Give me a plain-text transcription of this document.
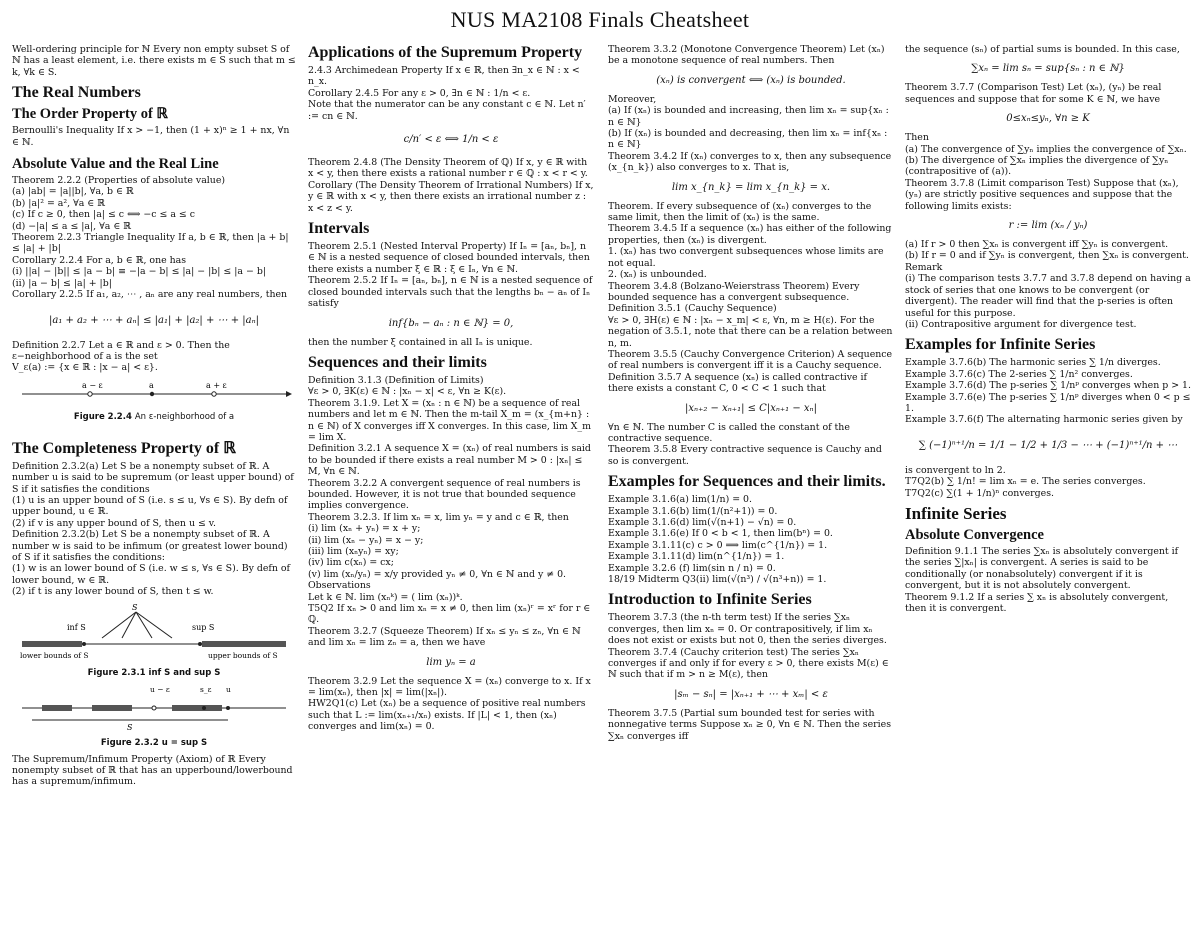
NUS MA2108 Finals Cheatsheet

Well-ordering principle for ℕ Every non empty subset S of ℕ has a least element, i.e. there exists m ∈ S such that m ≤ k, ∀k ∈ S.

The Real Numbers
The Order Property of ℝ

Bernoulli's Inequality If x > −1, then (1 + x)ⁿ ≥ 1 + nx, ∀n ∈ ℕ.

Absolute Value and the Real Line

Theorem 2.2.2 (Properties of absolute value)
(a) |ab| = |a||b|, ∀a, b ∈ ℝ
(b) |a|² = a², ∀a ∈ ℝ
(c) If c ≥ 0, then |a| ≤ c ⟺ −c ≤ a ≤ c
(d) −|a| ≤ a ≤ |a|, ∀a ∈ ℝ

Theorem 2.2.3 Triangle Inequality If a, b ∈ ℝ, then |a + b| ≤ |a| + |b|

Corollary 2.2.4 For a, b ∈ ℝ, one has
(i) ||a| − |b|| ≤ |a − b| ≡ −|a − b| ≤ |a| − |b| ≤ |a − b|
(ii) |a − b| ≤ |a| + |b|

Corollary 2.2.5 If a₁, a₂, ⋯ , aₙ are any real numbers, then

|a₁ + a₂ + ⋯ + aₙ| ≤ |a₁| + |a₂| + ⋯ + |aₙ|

Definition 2.2.7 Let a ∈ ℝ and ε > 0. Then the ε−neighborhood of a is the set
V_ε(a) := {x ∈ ℝ : |x − a| < ε}.

a − ε	a	a + ε
Figure 2.2.4 An ε-neighborhood of a
The Completeness Property of ℝ

Definition 2.3.2(a) Let S be a nonempty subset of ℝ. A number u is said to be supremum (or least upper bound) of S if it satisfies the conditions
(1) u is an upper bound of S (i.e. s ≤ u, ∀s ∈ S). By defn of upper bound, u ∈ ℝ.
(2) if v is any upper bound of S, then u ≤ v.

Definition 2.3.2(b) Let S be a nonempty subset of ℝ. A number w is said to be infimum (or greatest lower bound) of S if it satisfies the conditions:
(1) w is an lower bound of S (i.e. w ≤ s, ∀s ∈ S). By defn of lower bound, w ∈ ℝ.
(2) if t is any lower bound of S, then t ≤ w.

S
inf S	sup S
lower bounds of S	upper bounds of S
Figure 2.3.1 inf S and sup S
u − ε	s_ε u
S
Figure 2.3.2 u = sup S

The Supremum/Infimum Property (Axiom) of ℝ Every nonempty subset of ℝ that has an upperbound/lowerbound has a supremum/infimum.

Applications of the Supremum Property

2.4.3 Archimedean Property If x ∈ ℝ, then ∃n_x ∈ ℕ : x < n_x.

Corollary 2.4.5 For any ε > 0, ∃n ∈ ℕ : 1/n < ε.
Note that the numerator can be any constant c ∈ ℕ. Let n′ := cn ∈ ℕ.

c/n′ < ε ⟺ 1/n < ε

Theorem 2.4.8 (The Density Theorem of ℚ) If x, y ∈ ℝ with x < y, then there exists a rational number r ∈ ℚ : x < r < y.
Corollary (The Density Theorem of Irrational Numbers) If x, y ∈ ℝ with x < y, then there exists an irrational number z : x < z < y.

Intervals

Theorem 2.5.1 (Nested Interval Property) If Iₙ = [aₙ, bₙ], n ∈ ℕ is a nested sequence of closed bounded intervals, then there exists a number ξ ∈ ℝ : ξ ∈ Iₙ, ∀n ∈ ℕ.

Theorem 2.5.2 If Iₙ = [aₙ, bₙ], n ∈ ℕ is a nested sequence of closed bounded intervals such that the lengths bₙ − aₙ of Iₙ satisfy

inf{bₙ − aₙ : n ∈ ℕ} = 0,

then the number ξ contained in all Iₙ is unique.

Sequences and their limits

Definition 3.1.3 (Definition of Limits)
∀ε > 0, ∃K(ε) ∈ ℕ : |xₙ − x| < ε, ∀n ≥ K(ε).
Theorem 3.1.9. Let X = (xₙ : n ∈ ℕ) be a sequence of real numbers and let m ∈ ℕ. Then the m-tail X_m = (x_{m+n} : n ∈ ℕ) of X converges iff X converges. In this case, lim X_m = lim X.
Definition 3.2.1 A sequence X = (xₙ) of real numbers is said to be bounded if there exists a real number M > 0 : |xₙ| ≤ M, ∀n ∈ ℕ.
Theorem 3.2.2 A convergent sequence of real numbers is bounded. However, it is not true that bounded sequence implies convergence.
Theorem 3.2.3. If lim xₙ = x, lim yₙ = y and c ∈ ℝ, then
(i) lim (xₙ + yₙ) = x + y;
(ii) lim (xₙ − yₙ) = x − y;
(iii) lim (xₙyₙ) = xy;
(iv) lim c(xₙ) = cx;
(v) lim (xₙ/yₙ) = x/y provided yₙ ≠ 0, ∀n ∈ ℕ and y ≠ 0.
Observations
Let k ∈ ℕ. lim (xₙᵏ) = ( lim (xₙ))ᵏ.
T5Q2 If xₙ > 0 and lim xₙ = x ≠ 0, then lim (xₙ)ʳ = xʳ for r ∈ ℚ.
Theorem 3.2.7 (Squeeze Theorem) If xₙ ≤ yₙ ≤ zₙ, ∀n ∈ ℕ and lim xₙ = lim zₙ = a, then we have

lim yₙ = a

Theorem 3.2.9 Let the sequence X = (xₙ) converge to x. If x = lim(xₙ), then |x| = lim(|xₙ|).
HW2Q1(c) Let (xₙ) be a sequence of positive real numbers such that L := lim(xₙ₊₁/xₙ) exists. If |L| < 1, then (xₙ) converges and lim(xₙ) = 0.

Theorem 3.3.2 (Monotone Convergence Theorem) Let (xₙ) be a monotone sequence of real numbers. Then

(xₙ) is convergent ⟺ (xₙ) is bounded.

Moreover,
(a) If (xₙ) is bounded and increasing, then lim xₙ = sup{xₙ : n ∈ ℕ}
(b) If (xₙ) is bounded and decreasing, then lim xₙ = inf{xₙ : n ∈ ℕ}
Theorem 3.4.2 If (xₙ) converges to x, then any subsequence (x_{n_k}) also converges to x. That is,

lim x_{n_k} = lim x_{n_k} = x.

Theorem. If every subsequence of (xₙ) converges to the same limit, then the limit of (xₙ) is the same.
Theorem 3.4.5 If a sequence (xₙ) has either of the following properties, then (xₙ) is divergent.
1. (xₙ) has two convergent subsequences whose limits are not equal.
2. (xₙ) is unbounded.
Theorem 3.4.8 (Bolzano-Weierstrass Theorem) Every bounded sequence has a convergent subsequence.
Definition 3.5.1 (Cauchy Sequence)
∀ε > 0, ∃H(ε) ∈ ℕ : |xₙ − x_m| < ε, ∀n, m ≥ H(ε). For the negation of 3.5.1, note that there can be a relation between n, m.
Theorem 3.5.5 (Cauchy Convergence Criterion) A sequence of real numbers is convergent iff it is a Cauchy sequence.
Definition 3.5.7 A sequence (xₙ) is called contractive if there exists a constant C, 0 < C < 1 such that

|xₙ₊₂ − xₙ₊₁| ≤ C|xₙ₊₁ − xₙ|

∀n ∈ ℕ. The number C is called the constant of the contractive sequence.
Theorem 3.5.8 Every contractive sequence is Cauchy and so is convergent.

Examples for Sequences and their limits.

Example 3.1.6(a) lim(1/n) = 0.
Example 3.1.6(b) lim(1/(n²+1)) = 0.
Example 3.1.6(d) lim(√(n+1) − √n) = 0.
Example 3.1.6(e) If 0 < b < 1, then lim(bⁿ) = 0.
Example 3.1.11(c) c > 0 ⟹ lim(c^{1/n}) = 1.
Example 3.1.11(d) lim(n^{1/n}) = 1.
Example 3.2.6 (f) lim(sin n / n) = 0.
18/19 Midterm Q3(ii) lim(√(n³) / √(n³+n)) = 1.

Introduction to Infinite Series

Theorem 3.7.3 (the n-th term test) If the series ∑xₙ converges, then lim xₙ = 0. Or contrapositively, if lim xₙ does not exist or exists but not 0, then the series diverges.
Theorem 3.7.4 (Cauchy criterion test) The series ∑xₙ converges if and only if for every ε > 0, there exists M(ε) ∈ ℕ such that if m > n ≥ M(ε), then

|sₘ − sₙ| = |xₙ₊₁ + ⋯ + xₘ| < ε

Theorem 3.7.5 (Partial sum bounded test for series with nonnegative terms Suppose xₙ ≥ 0, ∀n ∈ ℕ. Then the series ∑xₙ converges iff

the sequence (sₙ) of partial sums is bounded. In this case,

∑xₙ = lim sₙ = sup{sₙ : n ∈ ℕ}

Theorem 3.7.7 (Comparison Test) Let (xₙ), (yₙ) be real sequences and suppose that for some K ∈ ℕ, we have

0≤xₙ≤yₙ, ∀n ≥ K

Then
(a) The convergence of ∑yₙ implies the convergence of ∑xₙ.
(b) The divergence of ∑xₙ implies the divergence of ∑yₙ (contrapositive of (a)).
Theorem 3.7.8 (Limit comparison Test) Suppose that (xₙ), (yₙ) are strictly positive sequences and suppose that the following limits exists:

r := lim (xₙ / yₙ)

(a) If r > 0 then ∑xₙ is convergent iff ∑yₙ is convergent.
(b) If r = 0 and if ∑yₙ is convergent, then ∑xₙ is convergent.
Remark
(i) The comparison tests 3.7.7 and 3.7.8 depend on having a stock of series that one knows to be convergent (or divergent). The reader will find that the p-series is often useful for this purpose.
(ii) Contrapositive argument for divergence test.

Examples for Infinite Series

Example 3.7.6(b) The harmonic series ∑ 1/n diverges.
Example 3.7.6(c) The 2-series ∑ 1/n² converges.
Example 3.7.6(d) The p-series ∑ 1/nᵖ converges when p > 1.
Example 3.7.6(e) The p-series ∑ 1/nᵖ diverges when 0 < p ≤ 1.
Example 3.7.6(f) The alternating harmonic series given by

∑ (−1)ⁿ⁺¹/n = 1/1 − 1/2 + 1/3 − ⋯ + (−1)ⁿ⁺¹/n + ⋯

is convergent to ln 2.
T7Q2(b) ∑ 1/n! = lim xₙ = e. The series converges.
T7Q2(c) ∑(1 + 1/n)ⁿ converges.

Infinite Series
Absolute Convergence

Definition 9.1.1 The series ∑xₙ is absolutely convergent if the series ∑|xₙ| is convergent. A series is said to be conditionally (or nonabsolutely) convergent if it is convergent, but it is not absolutely convergent.
Theorem 9.1.2 If a series ∑ xₙ is absolutely convergent, then it is convergent.
